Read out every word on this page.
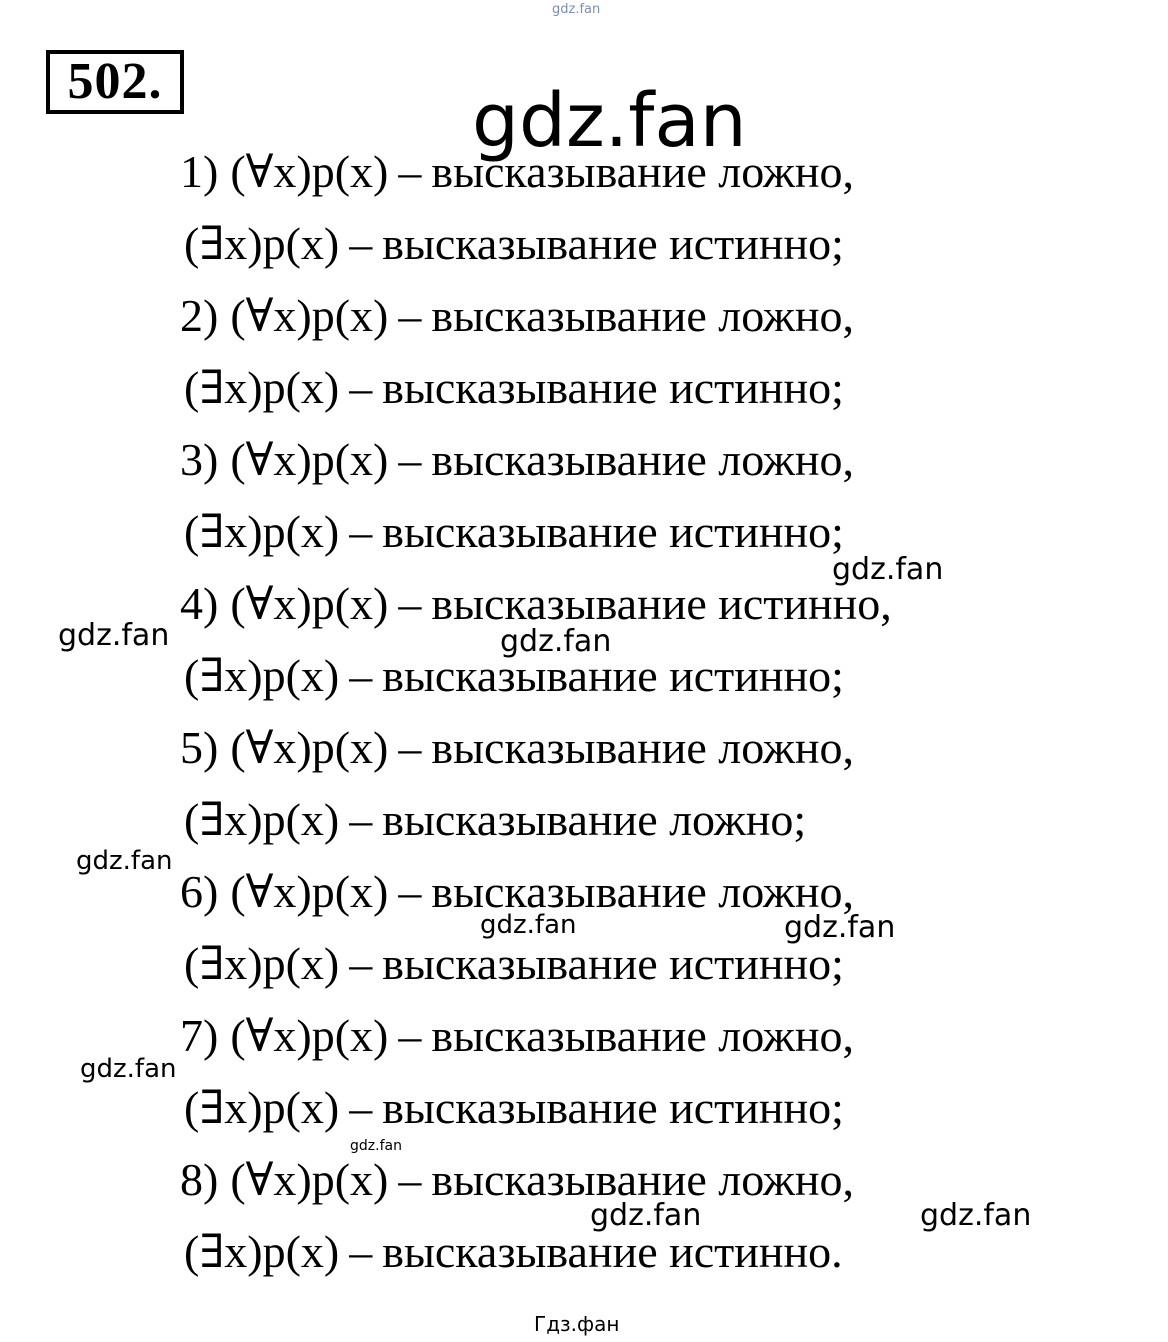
gdz.fan
502.	gdz.fan
1) (∀x)p(x) – высказывание ложно,
(∃x)p(x) – высказывание истинно;
2) (∀x)p(x) – высказывание ложно,
(∃x)p(x) – высказывание истинно;
3) (∀x)p(x) – высказывание ложно,
(∃x)p(x) – высказывание истинно;
4) (∀x)p(x) – высказывание истинно,
(∃x)p(x) – высказывание истинно;
5) (∀x)p(x) – высказывание ложно,
(∃x)p(x) – высказывание ложно;
6) (∀x)p(x) – высказывание ложно,
(∃x)p(x) – высказывание истинно;
7) (∀x)p(x) – высказывание ложно,
(∃x)p(x) – высказывание истинно;
8) (∀x)p(x) – высказывание ложно,
(∃x)p(x) – высказывание истинно.
gdz.fan
gdz.fan	gdz.fan
gdz.fan
gdz.fan	gdz.fan
gdz.fan
gdz.fan
gdz.fan	gdz.fan
Гдз.фан
